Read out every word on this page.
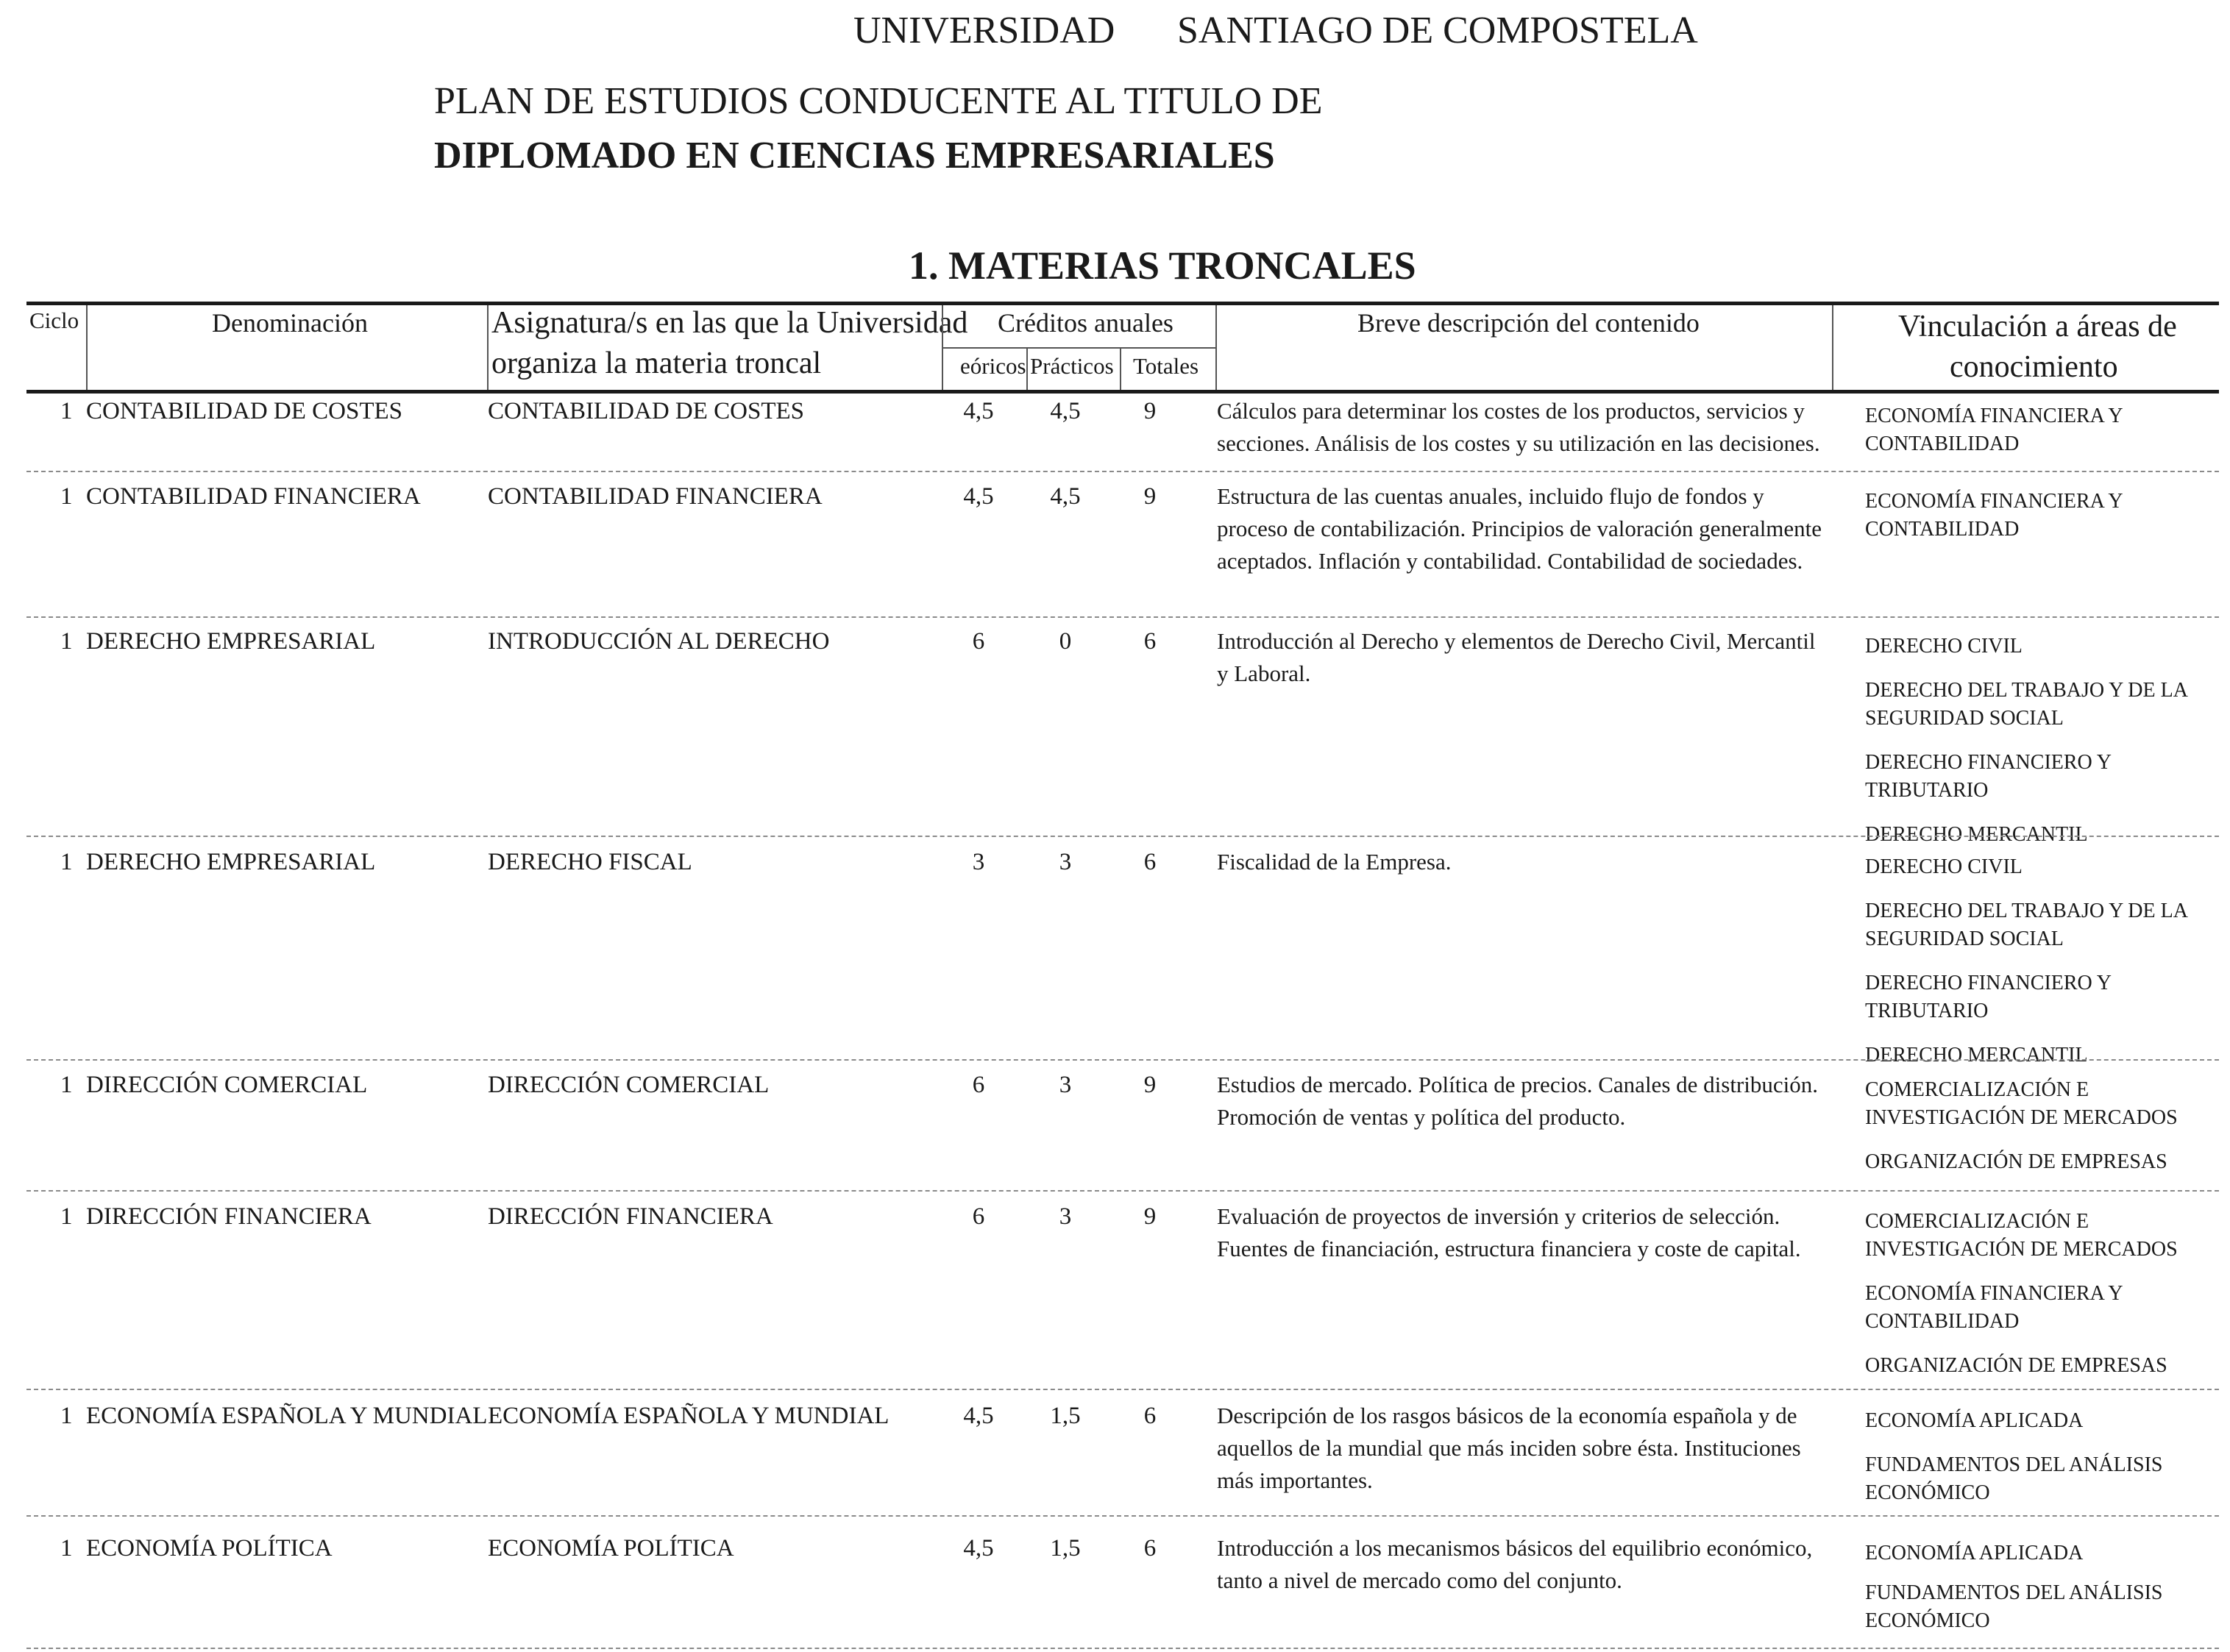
UNIVERSIDAD SANTIAGO DE COMPOSTELA
PLAN DE ESTUDIOS CONDUCENTE AL TITULO DE
DIPLOMADO EN CIENCIAS EMPRESARIALES
1. MATERIAS TRONCALES
Ciclo	Denominación	Asignatura/s en las que la Universidad
organiza la materia troncal
Créditos anuales
eóricos Prácticos Totales
Breve descripción del contenido	Vinculación a áreas de
conocimiento
1 CONTABILIDAD DE COSTES	CONTABILIDAD DE COSTES	4,5 4,5	9	Cálculos para determinar los costes de los productos, servicios y secciones. Análisis de los costes y su utilización en las decisiones.
ECONOMÍA FINANCIERA Y CONTABILIDAD
1 CONTABILIDAD FINANCIERA	CONTABILIDAD FINANCIERA	4,5 4,5	9	Estructura de las cuentas anuales, incluido flujo de fondos y proceso de contabilización. Principios de valoración generalmente aceptados. Inflación y contabilidad. Contabilidad de sociedades.
ECONOMÍA FINANCIERA Y CONTABILIDAD
1 DERECHO EMPRESARIAL	INTRODUCCIÓN AL DERECHO	6	0	6	Introducción al Derecho y elementos de Derecho Civil, Mercantil y Laboral.
DERECHO CIVIL
DERECHO DEL TRABAJO Y DE LA SEGURIDAD SOCIAL
DERECHO FINANCIERO Y TRIBUTARIO
DERECHO MERCANTIL
1 DERECHO EMPRESARIAL	DERECHO FISCAL	3	3	6	Fiscalidad de la Empresa.	DERECHO CIVIL
DERECHO DEL TRABAJO Y DE LA SEGURIDAD SOCIAL
DERECHO FINANCIERO Y TRIBUTARIO
DERECHO MERCANTIL
1 DIRECCIÓN COMERCIAL	DIRECCIÓN COMERCIAL	6	3	9	Estudios de mercado. Política de precios. Canales de distribución. Promoción de ventas y política del producto.
COMERCIALIZACIÓN E INVESTIGACIÓN DE MERCADOS
ORGANIZACIÓN DE EMPRESAS
1 DIRECCIÓN FINANCIERA	DIRECCIÓN FINANCIERA	6	3	9	Evaluación de proyectos de inversión y criterios de selección. Fuentes de financiación, estructura financiera y coste de capital.
COMERCIALIZACIÓN E INVESTIGACIÓN DE MERCADOS
ECONOMÍA FINANCIERA Y CONTABILIDAD
ORGANIZACIÓN DE EMPRESAS
1 ECONOMÍA ESPAÑOLA Y MUNDIAL ECONOMÍA ESPAÑOLA Y MUNDIAL	4,5 1,5	6	Descripción de los rasgos básicos de la economía española y de aquellos de la mundial que más inciden sobre ésta. Instituciones más importantes.
ECONOMÍA APLICADA
FUNDAMENTOS DEL ANÁLISIS ECONÓMICO
1 ECONOMÍA POLÍTICA	ECONOMÍA POLÍTICA	4,5 1,5	6	Introducción a los mecanismos básicos del equilibrio económico, tanto a nivel de mercado como del conjunto.
ECONOMÍA APLICADA
FUNDAMENTOS DEL ANÁLISIS ECONÓMICO
